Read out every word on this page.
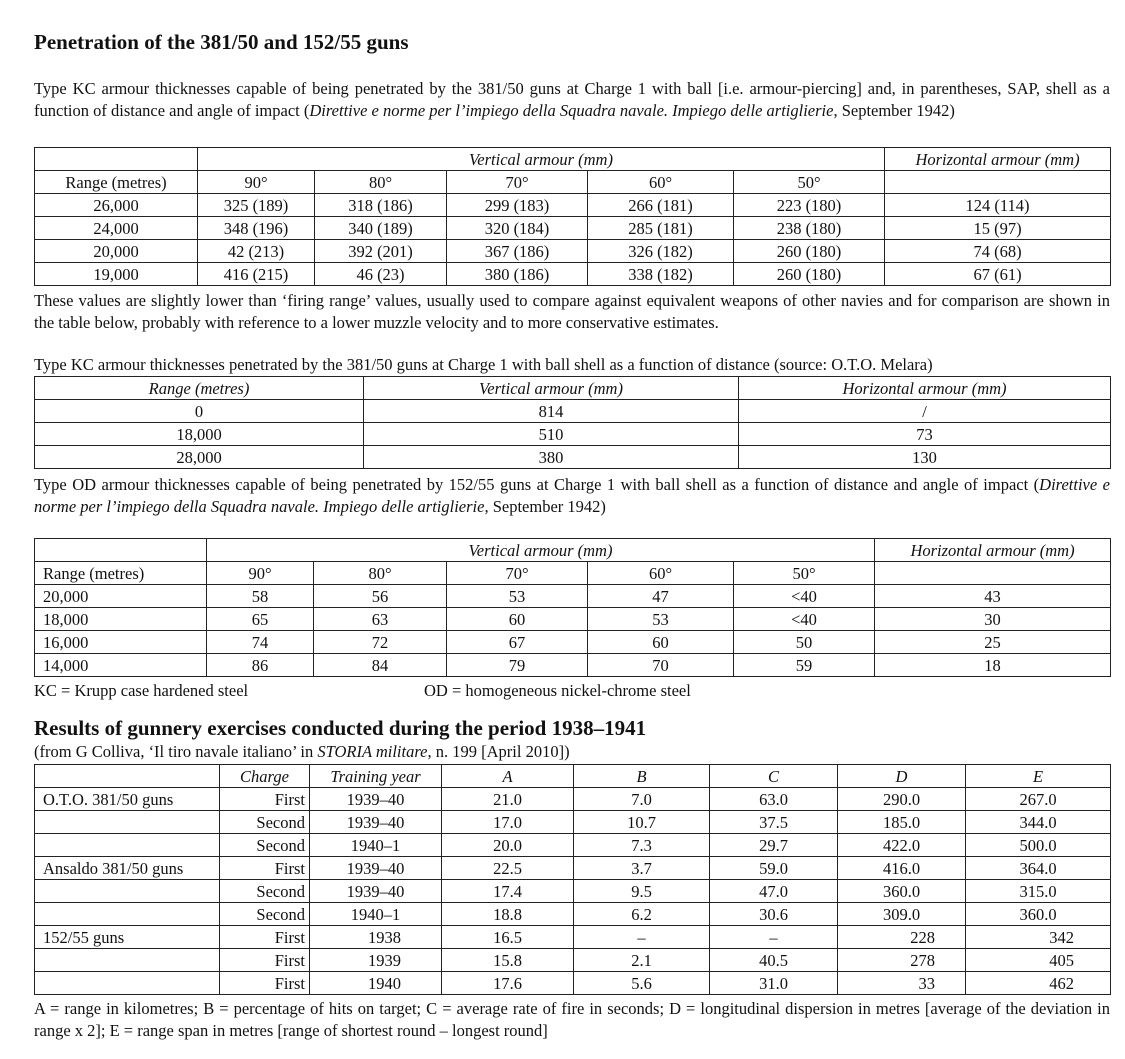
Penetration of the 381/50 and 152/55 guns
Type KC armour thicknesses capable of being penetrated by the 381/50 guns at Charge 1 with ball [i.e. armour-piercing] and, in parentheses, SAP, shell as a function of distance and angle of impact (Direttive e norme per l’impiego della Squadra navale. Impiego delle artiglierie, September 1942)
	Vertical armour (mm)					Horizontal armour (mm)
Range (metres)	90°	80°	70°	60°	50°	
26,000	325 (189)	318 (186)	299 (183)	266 (181)	223 (180)	124 (114)
24,000	348 (196)	340 (189)	320 (184)	285 (181)	238 (180)	15 (97)
20,000	42 (213)	392 (201)	367 (186)	326 (182)	260 (180)	74 (68)
19,000	416 (215)	46 (23)	380 (186)	338 (182)	260 (180)	67 (61)
These values are slightly lower than ‘firing range’ values, usually used to compare against equivalent weapons of other navies and for comparison are shown in the table below, probably with reference to a lower muzzle velocity and to more conservative estimates.
Type KC armour thicknesses penetrated by the 381/50 guns at Charge 1 with ball shell as a function of distance (source: O.T.O. Melara)
Range (metres)	Vertical armour (mm)	Horizontal armour (mm)
0	814	/
18,000	510	73
28,000	380	130
Type OD armour thicknesses capable of being penetrated by 152/55 guns at Charge 1 with ball shell as a function of distance and angle of impact (Direttive e norme per l’impiego della Squadra navale. Impiego delle artiglierie, September 1942)
	Vertical armour (mm)					Horizontal armour (mm)
Range (metres)	90°	80°	70°	60°	50°	
20,000	58	56	53	47	<40	43
18,000	65	63	60	53	<40	30
16,000	74	72	67	60	50	25
14,000	86	84	79	70	59	18
KC = Krupp case hardened steel	OD = homogeneous nickel-chrome steel
Results of gunnery exercises conducted during the period 1938–1941
(from G Colliva, ‘Il tiro navale italiano’ in STORIA militare, n. 199 [April 2010])
	Charge	Training year	A	B	C	D	E
O.T.O. 381/50 guns	First	1939–40	21.0	7.0	63.0	290.0	267.0
	Second	1939–40	17.0	10.7	37.5	185.0	344.0
	Second	1940–1	20.0	7.3	29.7	422.0	500.0
Ansaldo 381/50 guns	First	1939–40	22.5	3.7	59.0	416.0	364.0
	Second	1939–40	17.4	9.5	47.0	360.0	315.0
	Second	1940–1	18.8	6.2	30.6	309.0	360.0
152/55 guns	First	1938	16.5	–	–	228	342
	First	1939	15.8	2.1	40.5	278	405
	First	1940	17.6	5.6	31.0	33	462
A = range in kilometres; B = percentage of hits on target; C = average rate of fire in seconds; D = longitudinal dispersion in metres [average of the deviation in range x 2]; E = range span in metres [range of shortest round – longest round]
